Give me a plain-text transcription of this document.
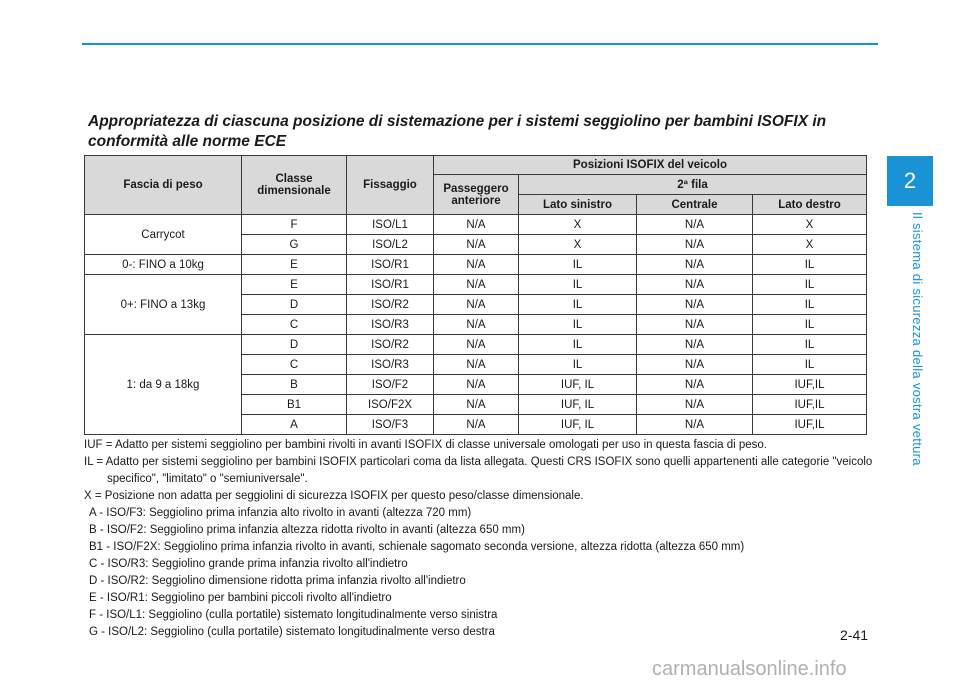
Appropriatezza di ciascuna posizione di sistemazione per i sistemi seggiolino per bambini ISOFIX in conformità alle norme ECE
2
Il sistema di sicurezza della vostra vettura
Fascia di peso	Classe dimensionale	Fissaggio	Posizioni ISOFIX del veicolo			
			Passeggero anteriore	2ª fila		
				Lato sinistro	Centrale	Lato destro
Carrycot	F	ISO/L1	N/A	X	N/A	X
	G	ISO/L2	N/A	X	N/A	X
0-: FINO a 10kg	E	ISO/R1	N/A	IL	N/A	IL
0+: FINO a 13kg	E	ISO/R1	N/A	IL	N/A	IL
	D	ISO/R2	N/A	IL	N/A	IL
	C	ISO/R3	N/A	IL	N/A	IL
1: da 9 a 18kg	D	ISO/R2	N/A	IL	N/A	IL
	C	ISO/R3	N/A	IL	N/A	IL
	B	ISO/F2	N/A	IUF, IL	N/A	IUF,IL
	B1	ISO/F2X	N/A	IUF, IL	N/A	IUF,IL
	A	ISO/F3	N/A	IUF, IL	N/A	IUF,IL

IUF = Adatto per sistemi seggiolino per bambini rivolti in avanti ISOFIX di classe universale omologati per uso in questa fascia di peso.

IL = Adatto per sistemi seggiolino per bambini ISOFIX particolari coma da lista allegata. Questi CRS ISOFIX sono quelli appartenenti alle categorie "veicolo specifico", "limitato" o "semiuniversale".

X = Posizione non adatta per seggiolini di sicurezza ISOFIX per questo peso/classe dimensionale.

A - ISO/F3: Seggiolino prima infanzia alto rivolto in avanti (altezza 720 mm)

B - ISO/F2: Seggiolino prima infanzia altezza ridotta rivolto in avanti (altezza 650 mm)

B1 - ISO/F2X: Seggiolino prima infanzia rivolto in avanti, schienale sagomato seconda versione, altezza ridotta (altezza 650 mm)

C - ISO/R3: Seggiolino grande prima infanzia rivolto all'indietro

D - ISO/R2: Seggiolino dimensione ridotta prima infanzia rivolto all'indietro

E - ISO/R1: Seggiolino per bambini piccoli rivolto all'indietro

F - ISO/L1: Seggiolino (culla portatile) sistemato longitudinalmente verso sinistra

G - ISO/L2: Seggiolino (culla portatile) sistemato longitudinalmente verso destra	2-41
carmanualsonline.info
